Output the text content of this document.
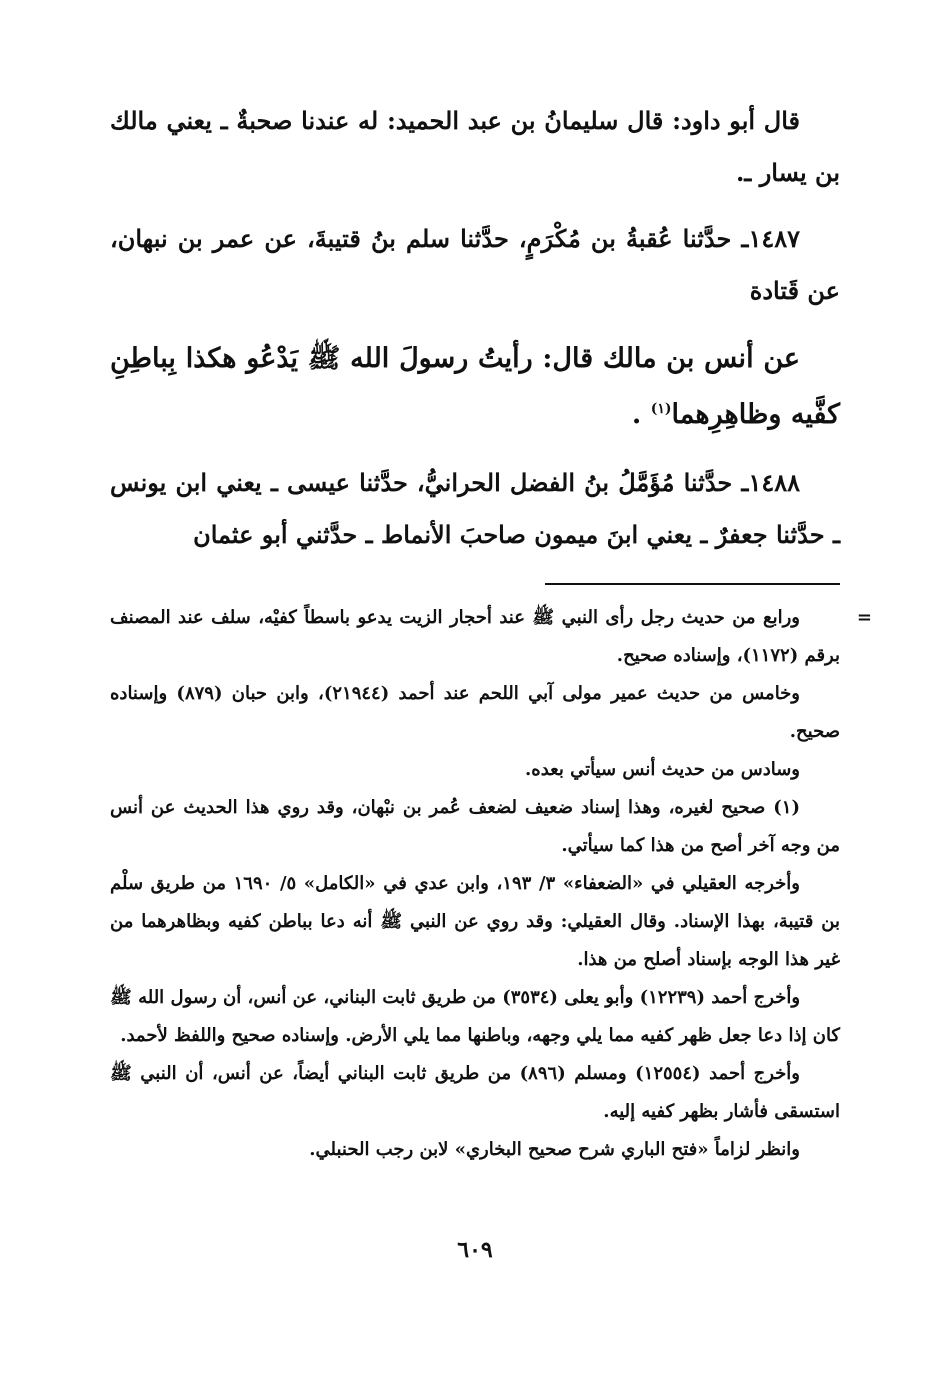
قال أبو داود: قال سليمانُ بن عبد الحميد: له عندنا صحبةٌ ـ يعني مالك بن يسار ـ.

١٤٨٧ـ حدَّثنا عُقبةُ بن مُكْرَمٍ، حدَّثنا سلم بنُ قتيبةَ، عن عمر بن نبهان، عن قَتادة

عن أنس بن مالك قال: رأيتُ رسولَ الله ﷺ يَدْعُو هكذا بِباطِنِ كفَّيه وظاهِرِهما$^{(١)}$ .

١٤٨٨ـ حدَّثنا مُؤَمَّلُ بنُ الفضل الحرانيُّ، حدَّثنا عيسى ـ يعني ابن يونس ـ حدَّثنا جعفرٌ ـ يعني ابنَ ميمون صاحبَ الأنماط ـ حدَّثني أبو عثمان

=
ورابع من حديث رجل رأى النبي ﷺ عند أحجار الزيت يدعو باسطاً كفيْه، سلف عند المصنف برقم (١١٧٢)، وإسناده صحيح.

وخامس من حديث عمير مولى آبي اللحم عند أحمد (٢١٩٤٤)، وابن حبان (٨٧٩) وإسناده صحيح.

وسادس من حديث أنس سيأتي بعده.

(١) صحيح لغيره، وهذا إسناد ضعيف لضعف عُمر بن نبْهان، وقد روي هذا الحديث عن أنس من وجه آخر أصح من هذا كما سيأتي.

وأخرجه العقيلي في «الضعفاء» ٣/ ١٩٣، وابن عدي في «الكامل» ٥/ ١٦٩٠ من طريق سلْم بن قتيبة، بهذا الإسناد. وقال العقيلي: وقد روي عن النبي ﷺ أنه دعا بباطن كفيه وبظاهرهما من غير هذا الوجه بإسناد أصلح من هذا.

وأخرج أحمد (١٢٢٣٩) وأبو يعلى (٣٥٣٤) من طريق ثابت البناني، عن أنس، أن رسول الله ﷺ كان إذا دعا جعل ظهر كفيه مما يلي وجهه، وباطنها مما يلي الأرض. وإسناده صحيح واللفظ لأحمد.

وأخرج أحمد (١٢٥٥٤) ومسلم (٨٩٦) من طريق ثابت البناني أيضاً، عن أنس، أن النبي ﷺ استسقى فأشار بظهر كفيه إليه.

وانظر لزاماً «فتح الباري شرح صحيح البخاري» لابن رجب الحنبلي.

٦٠٩
